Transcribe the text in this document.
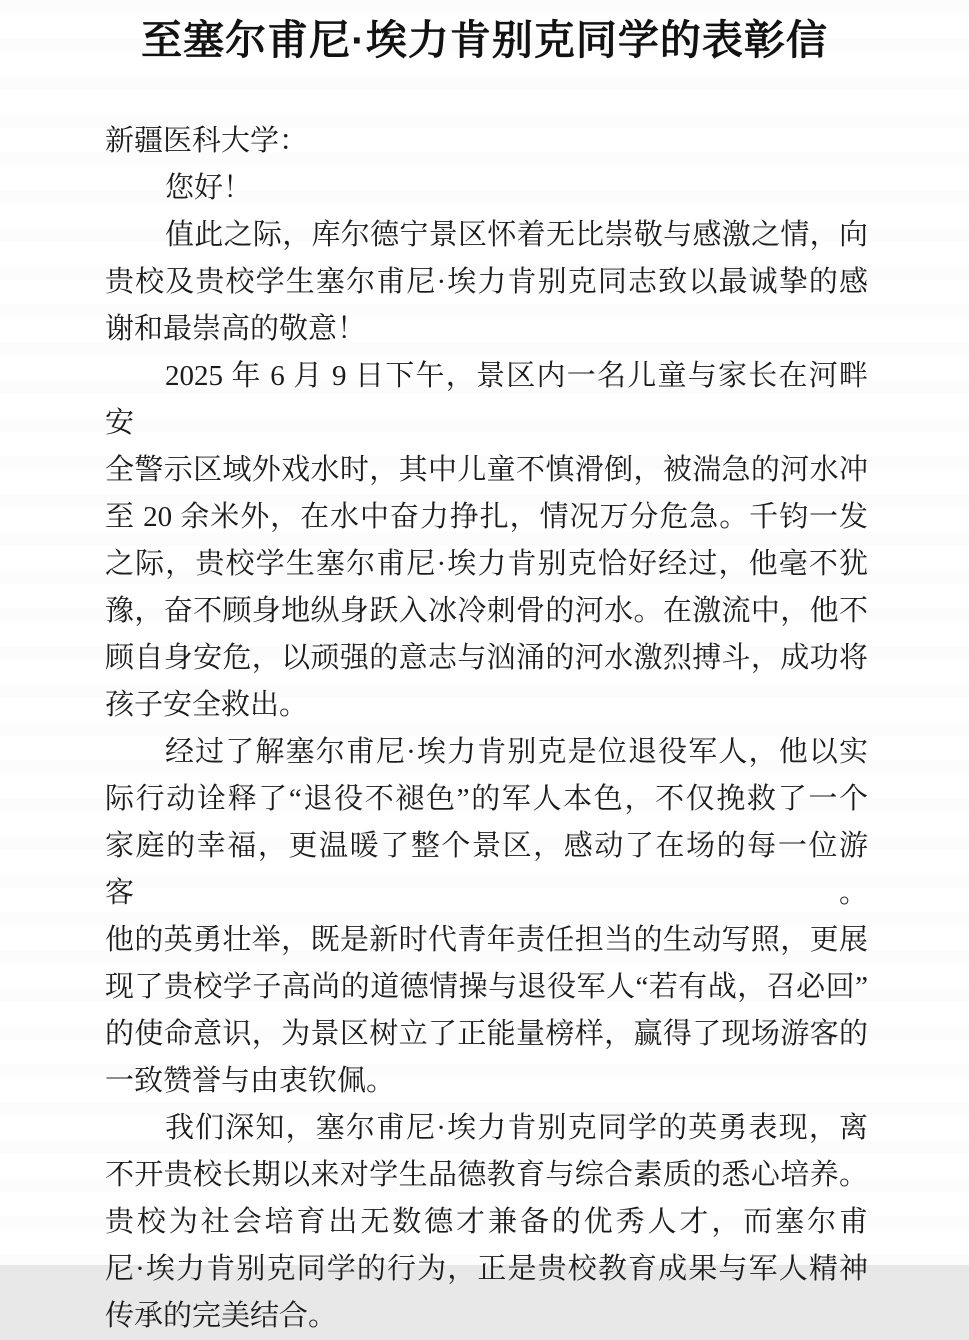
至塞尔甫尼·埃力肯别克同学的表彰信
新疆医科大学：
您好！
值此之际，库尔德宁景区怀着无比崇敬与感激之情，向
贵校及贵校学生塞尔甫尼·埃力肯别克同志致以最诚挚的感
谢和最崇高的敬意！
2025 年 6 月 9 日下午，景区内一名儿童与家长在河畔安
全警示区域外戏水时，其中儿童不慎滑倒，被湍急的河水冲
至 20 余米外，在水中奋力挣扎，情况万分危急。千钧一发
之际，贵校学生塞尔甫尼·埃力肯别克恰好经过，他毫不犹
豫，奋不顾身地纵身跃入冰冷刺骨的河水。在激流中，他不
顾自身安危，以顽强的意志与汹涌的河水激烈搏斗，成功将
孩子安全救出。
经过了解塞尔甫尼·埃力肯别克是位退役军人，他以实
际行动诠释了“退役不褪色”的军人本色，不仅挽救了一个
家庭的幸福，更温暖了整个景区，感动了在场的每一位游客。
他的英勇壮举，既是新时代青年责任担当的生动写照，更展
现了贵校学子高尚的道德情操与退役军人“若有战，召必回”
的使命意识，为景区树立了正能量榜样，赢得了现场游客的
一致赞誉与由衷钦佩。
我们深知，塞尔甫尼·埃力肯别克同学的英勇表现，离
不开贵校长期以来对学生品德教育与综合素质的悉心培养。
贵校为社会培育出无数德才兼备的优秀人才，而塞尔甫
尼·埃力肯别克同学的行为，正是贵校教育成果与军人精神
传承的完美结合。
